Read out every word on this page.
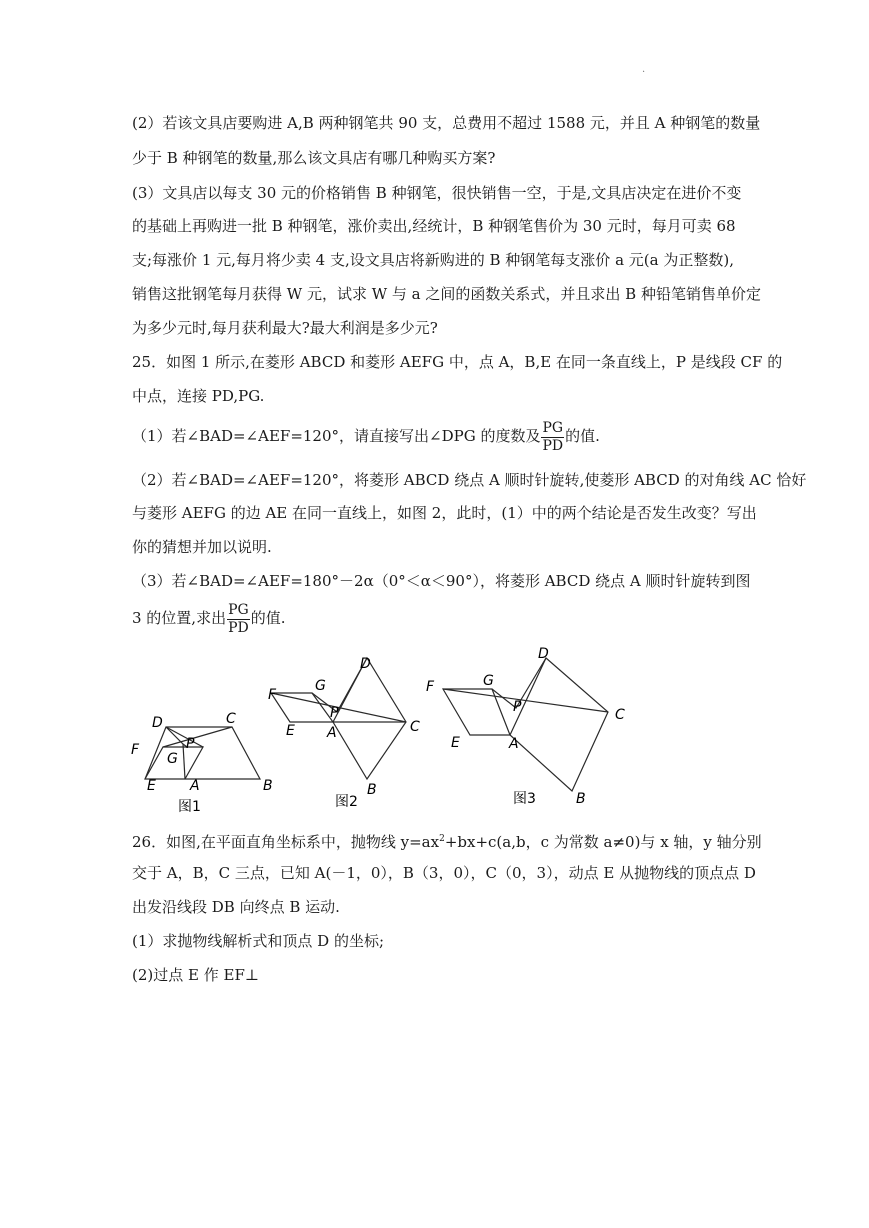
.
(2）若该文具店要购进 A,B 两种钢笔共 90 支，总费用不超过 1588 元，并且 A 种钢笔的数量
少于 B 种钢笔的数量,那么该文具店有哪几种购买方案?
(3）文具店以每支 30 元的价格销售 B 种钢笔，很快销售一空，于是,文具店决定在进价不变
的基础上再购进一批 B 种钢笔，涨价卖出,经统计，B 种钢笔售价为 30 元时，每月可卖 68
支;每涨价 1 元,每月将少卖 4 支,设文具店将新购进的 B 种钢笔每支涨价 a 元(a 为正整数),
销售这批钢笔每月获得 W 元，试求 W 与 a 之间的函数关系式，并且求出 B 种铅笔销售单价定
为多少元时,每月获利最大?最大利润是多少元?
25．如图 1 所示,在菱形 ABCD 和菱形 AEFG 中，点 A，B,E 在同一条直线上，P 是线段 CF 的
中点，连接 PD,PG.
（1）若∠BAD=∠AEF=120°，请直接写出∠DPG 的度数及 $\frac{PG}{PD}$ 的值.
（2）若∠BAD=∠AEF=120°，将菱形 ABCD 绕点 A 顺时针旋转,使菱形 ABCD 的对角线 AC 恰好
与菱形 AEFG 的边 AE 在同一直线上，如图 2，此时，(1）中的两个结论是否发生改变？写出
你的猜想并加以说明.
（3）若∠BAD=∠AEF=180°－2α（0°＜α＜90°），将菱形 ABCD 绕点 A 顺时针旋转到图
3 的位置,求出 $\frac{PG}{PD}$ 的值.
D	C
F	P
G
E A	B
图1
D
F
G
P
E A	C
B
图2
D
F	G
P	C
E	A
B
图3
26．如图,在平面直角坐标系中，抛物线 $y=ax^2+bx+c(a,b$，c 为常数 a≠0)与 x 轴，y 轴分别
交于 A，B，C 三点，已知 A(－1，0），B（3，0），C（0，3），动点 E 从抛物线的顶点点 D
出发沿线段 DB 向终点 B 运动.
(1）求抛物线解析式和顶点 D 的坐标;
(2)过点 E 作 EF⊥
